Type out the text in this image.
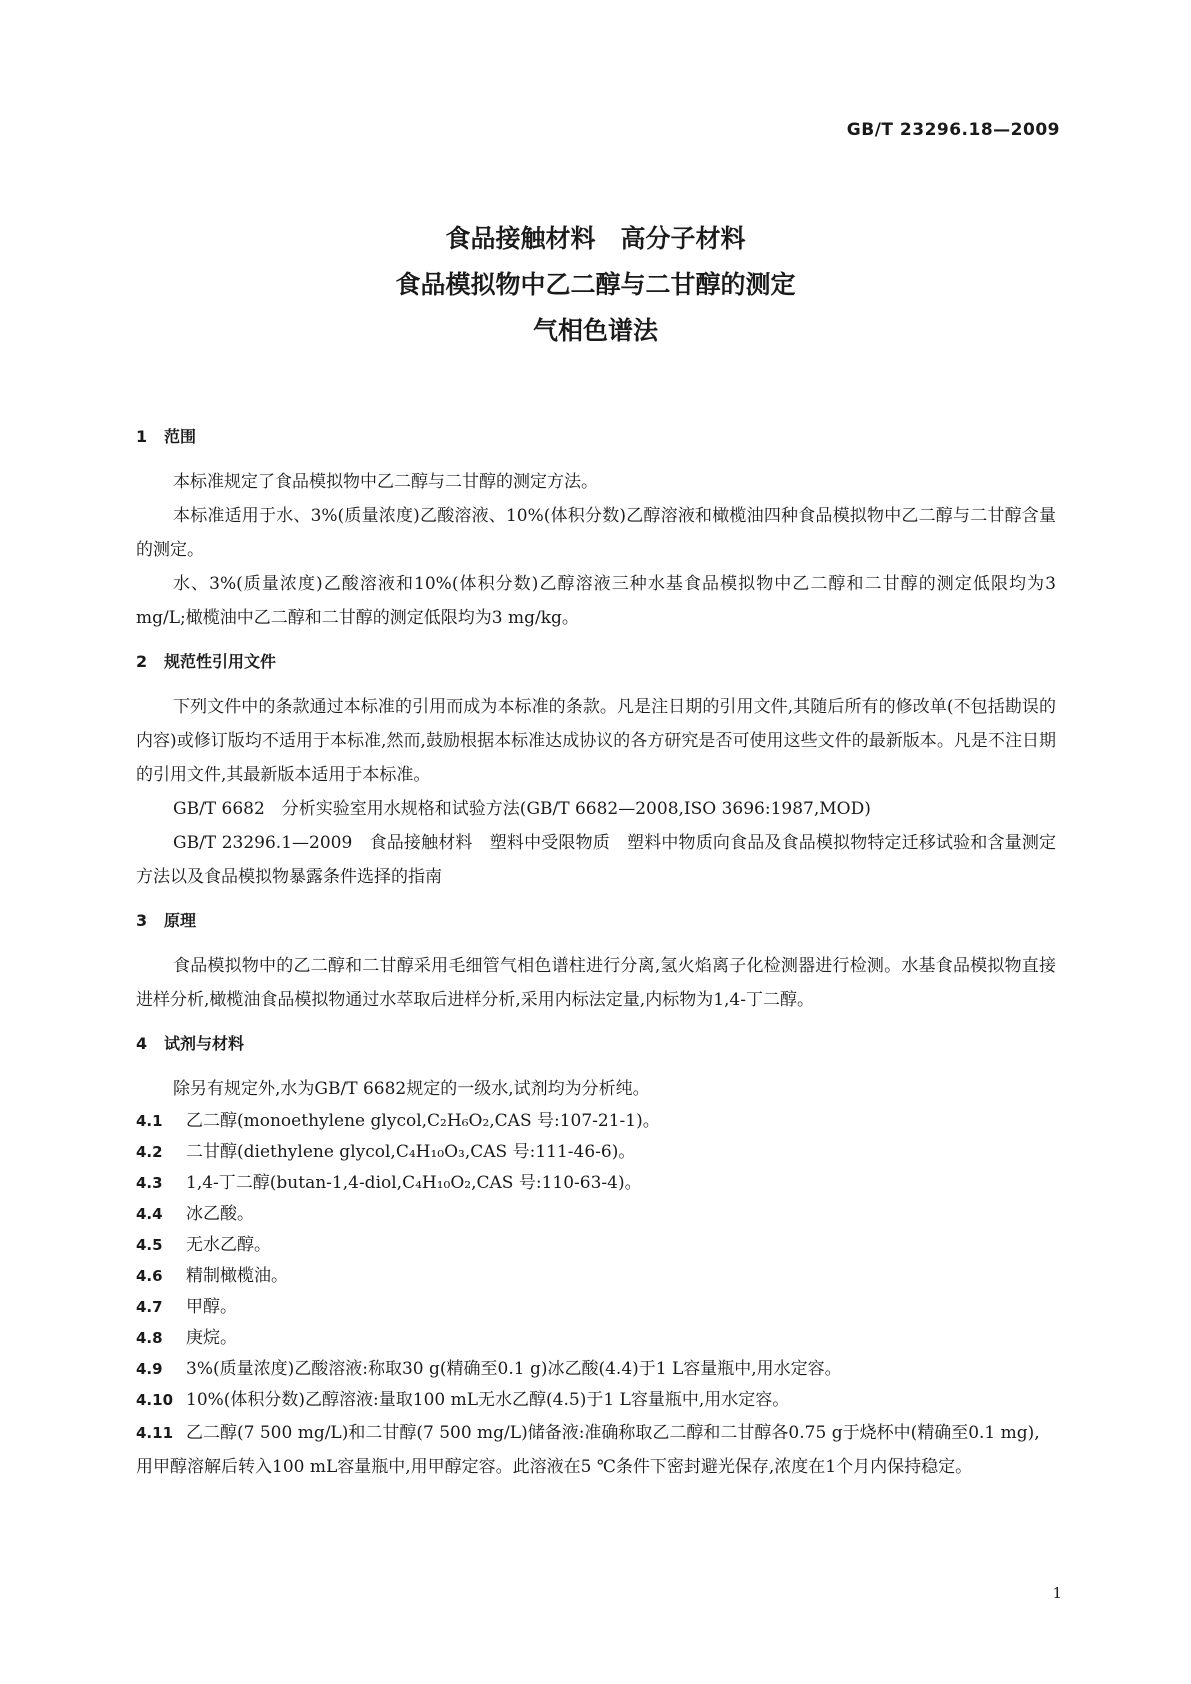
GB/T 23296.18—2009
食品接触材料　高分子材料
食品模拟物中乙二醇与二甘醇的测定
气相色谱法
1 范围

本标准规定了食品模拟物中乙二醇与二甘醇的测定方法。

本标准适用于水、3%(质量浓度)乙酸溶液、10%(体积分数)乙醇溶液和橄榄油四种食品模拟物中乙二醇与二甘醇含量的测定。

水、3%(质量浓度)乙酸溶液和10%(体积分数)乙醇溶液三种水基食品模拟物中乙二醇和二甘醇的测定低限均为3 mg/L;橄榄油中乙二醇和二甘醇的测定低限均为3 mg/kg。

2 规范性引用文件

下列文件中的条款通过本标准的引用而成为本标准的条款。凡是注日期的引用文件,其随后所有的修改单(不包括勘误的内容)或修订版均不适用于本标准,然而,鼓励根据本标准达成协议的各方研究是否可使用这些文件的最新版本。凡是不注日期的引用文件,其最新版本适用于本标准。

GB/T 6682　分析实验室用水规格和试验方法(GB/T 6682—2008,ISO 3696:1987,MOD)

GB/T 23296.1—2009　食品接触材料　塑料中受限物质　塑料中物质向食品及食品模拟物特定迁移试验和含量测定方法以及食品模拟物暴露条件选择的指南

3 原理

食品模拟物中的乙二醇和二甘醇采用毛细管气相色谱柱进行分离,氢火焰离子化检测器进行检测。水基食品模拟物直接进样分析,橄榄油食品模拟物通过水萃取后进样分析,采用内标法定量,内标物为1,4-丁二醇。

4 试剂与材料

除另有规定外,水为GB/T 6682规定的一级水,试剂均为分析纯。

4.1 乙二醇(monoethylene glycol,C₂H₆O₂,CAS 号:107-21-1)。
4.2 二甘醇(diethylene glycol,C₄H₁₀O₃,CAS 号:111-46-6)。
4.3 1,4-丁二醇(butan-1,4-diol,C₄H₁₀O₂,CAS 号:110-63-4)。
4.4 冰乙酸。
4.5 无水乙醇。
4.6 精制橄榄油。
4.7 甲醇。
4.8 庚烷。
4.9 3%(质量浓度)乙酸溶液:称取30 g(精确至0.1 g)冰乙酸(4.4)于1 L容量瓶中,用水定容。
4.10 10%(体积分数)乙醇溶液:量取100 mL无水乙醇(4.5)于1 L容量瓶中,用水定容。
4.11 乙二醇(7 500 mg/L)和二甘醇(7 500 mg/L)储备液:准确称取乙二醇和二甘醇各0.75 g于烧杯中(精确至0.1 mg),用甲醇溶解后转入100 mL容量瓶中,用甲醇定容。此溶液在5 ℃条件下密封避光保存,浓度在1个月内保持稳定。
1
